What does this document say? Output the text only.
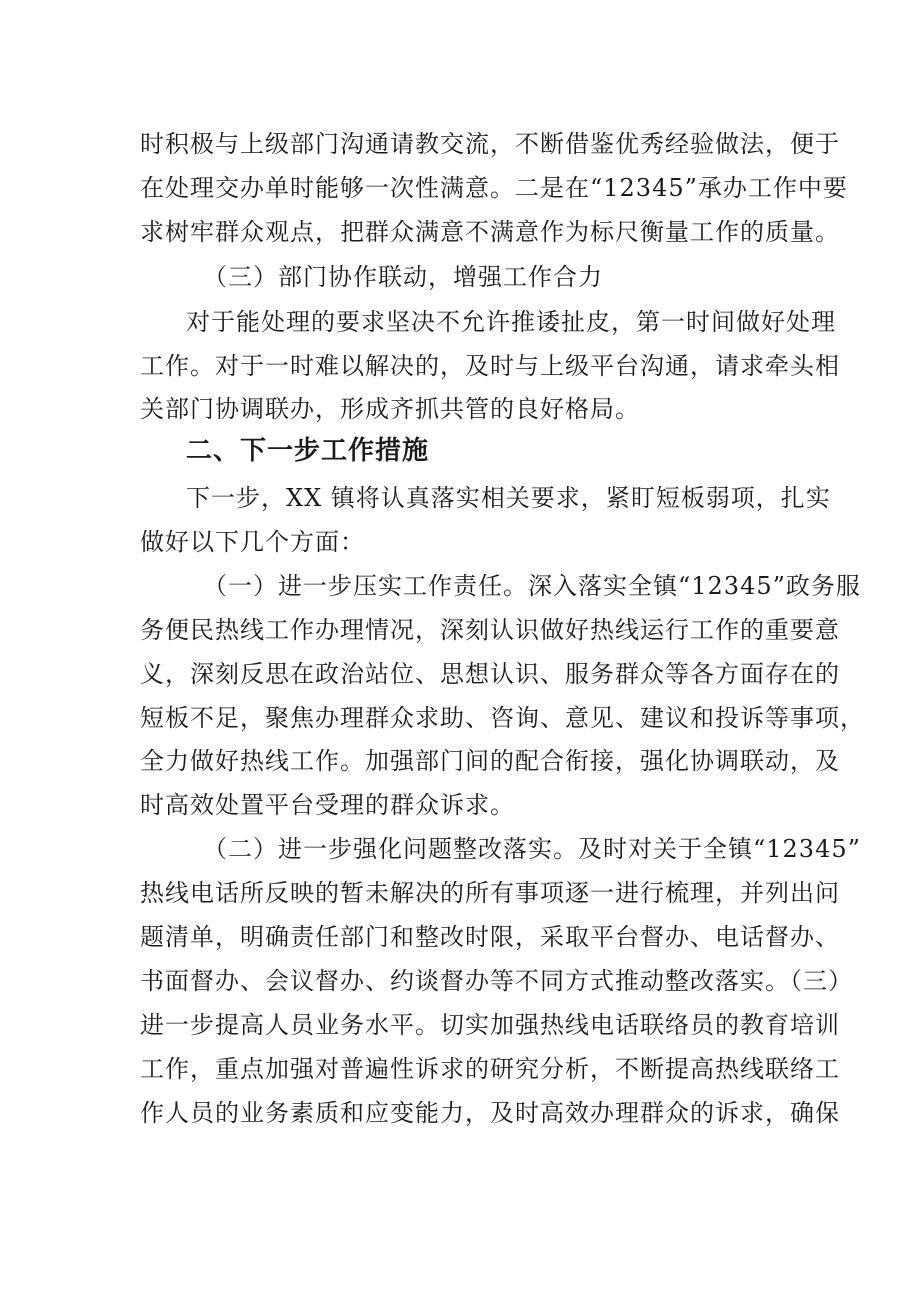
时积极与上级部门沟通请教交流，不断借鉴优秀经验做法，便于
在处理交办单时能够一次性满意。二是在“12345”承办工作中要
求树牢群众观点，把群众满意不满意作为标尺衡量工作的质量。
（三）部门协作联动，增强工作合力
对于能处理的要求坚决不允许推诿扯皮，第一时间做好处理
工作。对于一时难以解决的，及时与上级平台沟通，请求牵头相
关部门协调联办，形成齐抓共管的良好格局。
二、下一步工作措施
下一步，XX 镇将认真落实相关要求，紧盯短板弱项，扎实
做好以下几个方面：
（一）进一步压实工作责任。深入落实全镇“12345”政务服
务便民热线工作办理情况，深刻认识做好热线运行工作的重要意
义，深刻反思在政治站位、思想认识、服务群众等各方面存在的
短板不足，聚焦办理群众求助、咨询、意见、建议和投诉等事项，
全力做好热线工作。加强部门间的配合衔接，强化协调联动，及
时高效处置平台受理的群众诉求。
（二）进一步强化问题整改落实。及时对关于全镇“12345”
热线电话所反映的暂未解决的所有事项逐一进行梳理，并列出问
题清单，明确责任部门和整改时限，采取平台督办、电话督办、
书面督办、会议督办、约谈督办等不同方式推动整改落实。（三）
进一步提高人员业务水平。切实加强热线电话联络员的教育培训
工作，重点加强对普遍性诉求的研究分析，不断提高热线联络工
作人员的业务素质和应变能力，及时高效办理群众的诉求，确保
